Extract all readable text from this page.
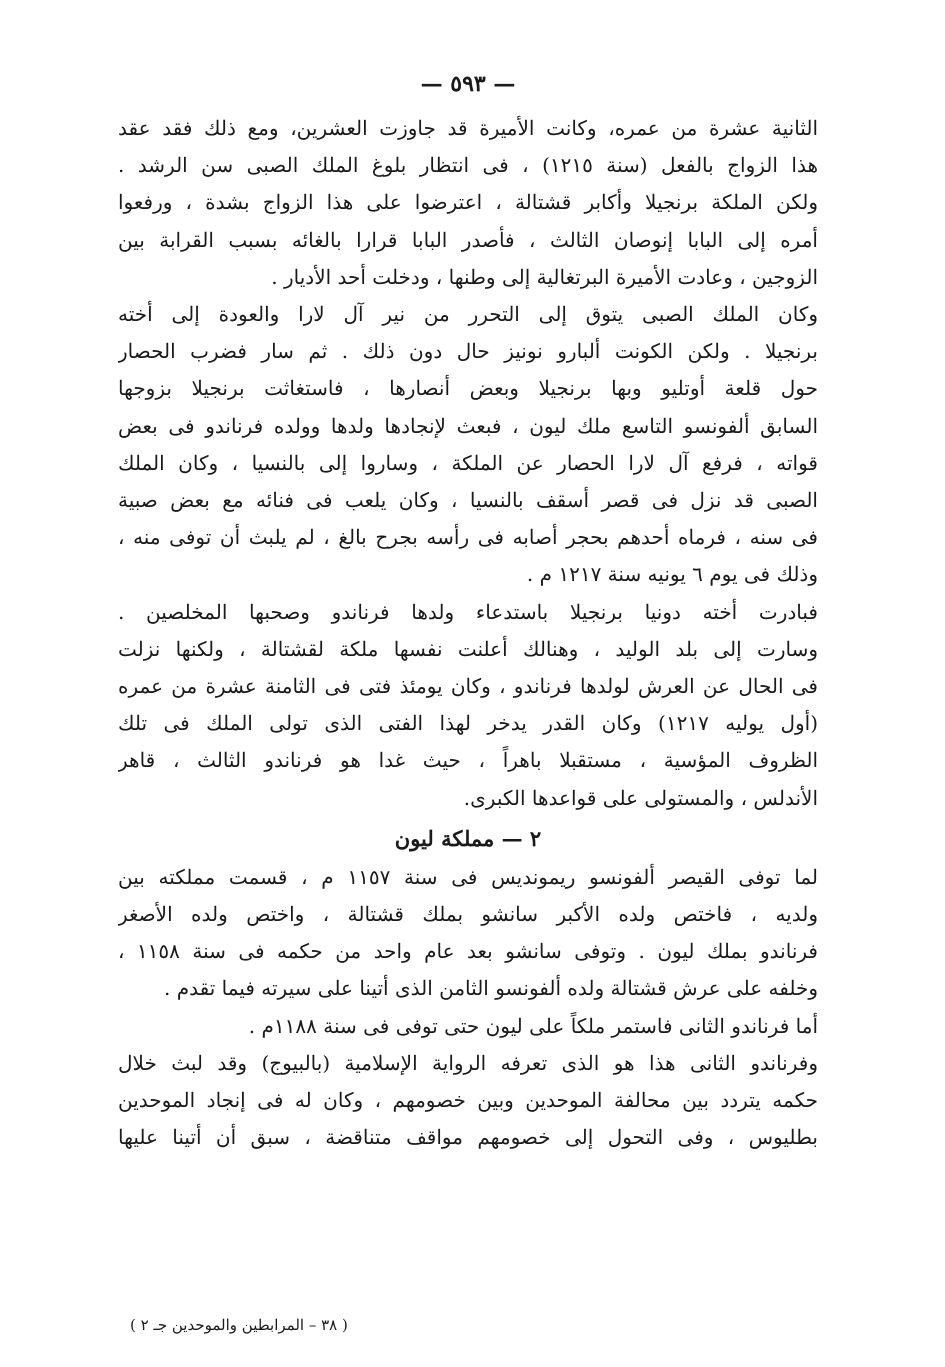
— ٥٩٣ —
الثانية عشرة من عمره، وكانت الأميرة قد جاوزت العشرين، ومع ذلك فقد عقد
هذا الزواج بالفعل (سنة ١٢١٥) ، فى انتظار بلوغ الملك الصبى سن الرشد .
ولكن الملكة برنجيلا وأكابر قشتالة ، اعترضوا على هذا الزواج بشدة ، ورفعوا
أمره إلى البابا إنوصان الثالث ، فأصدر البابا قرارا بالغائه بسبب القرابة بين
الزوجين ، وعادت الأميرة البرتغالية إلى وطنها ، ودخلت أحد الأديار .
وكان الملك الصبى يتوق إلى التحرر من نير آل لارا والعودة إلى أخته
برنجيلا . ولكن الكونت ألبارو نونيز حال دون ذلك . ثم سار فضرب الحصار
حول قلعة أوتليو وبها برنجيلا وبعض أنصارها ، فاستغاثت برنجيلا بزوجها
السابق ألفونسو التاسع ملك ليون ، فبعث لإنجادها ولدها وولده فرناندو فى بعض
قواته ، فرفع آل لارا الحصار عن الملكة ، وساروا إلى بالنسيا ، وكان الملك
الصبى قد نزل فى قصر أسقف بالنسيا ، وكان يلعب فى فنائه مع بعض صبية
فى سنه ، فرماه أحدهم بحجر أصابه فى رأسه بجرح بالغ ، لم يلبث أن توفى منه ،
وذلك فى يوم ٦ يونيه سنة ١٢١٧ م .
فبادرت أخته دونيا برنجيلا باستدعاء ولدها فرناندو وصحبها المخلصين .
وسارت إلى بلد الوليد ، وهنالك أعلنت نفسها ملكة لقشتالة ، ولكنها نزلت
فى الحال عن العرش لولدها فرناندو ، وكان يومئذ فتى فى الثامنة عشرة من عمره
(أول يوليه ١٢١٧) وكان القدر يدخر لهذا الفتى الذى تولى الملك فى تلك
الظروف المؤسية ، مستقبلا باهراً ، حيث غدا هو فرناندو الثالث ، قاهر
الأندلس ، والمستولى على قواعدها الكبرى.
٢ — مملكة ليون
لما توفى القيصر ألفونسو ريموندیس فى سنة ١١٥٧ م ، قسمت مملكته بين
ولديه ، فاختص ولده الأكبر سانشو بملك قشتالة ، واختص ولده الأصغر
فرناندو بملك ليون . وتوفى سانشو بعد عام واحد من حكمه فى سنة ١١٥٨ ،
وخلفه على عرش قشتالة ولده ألفونسو الثامن الذى أتينا على سيرته فيما تقدم .
أما فرناندو الثانى فاستمر ملكاً على ليون حتى توفى فى سنة ١١٨٨م .
وفرناندو الثانى هذا هو الذى تعرفه الرواية الإسلامية (بالبيوج) وقد لبث خلال
حكمه يتردد بين محالفة الموحدين وبين خصومهم ، وكان له فى إنجاد الموحدين
بطليوس ، وفى التحول إلى خصومهم مواقف متناقضة ، سبق أن أتينا عليها
( ٣٨ – المرابطين والموحدين جـ ٢ )
